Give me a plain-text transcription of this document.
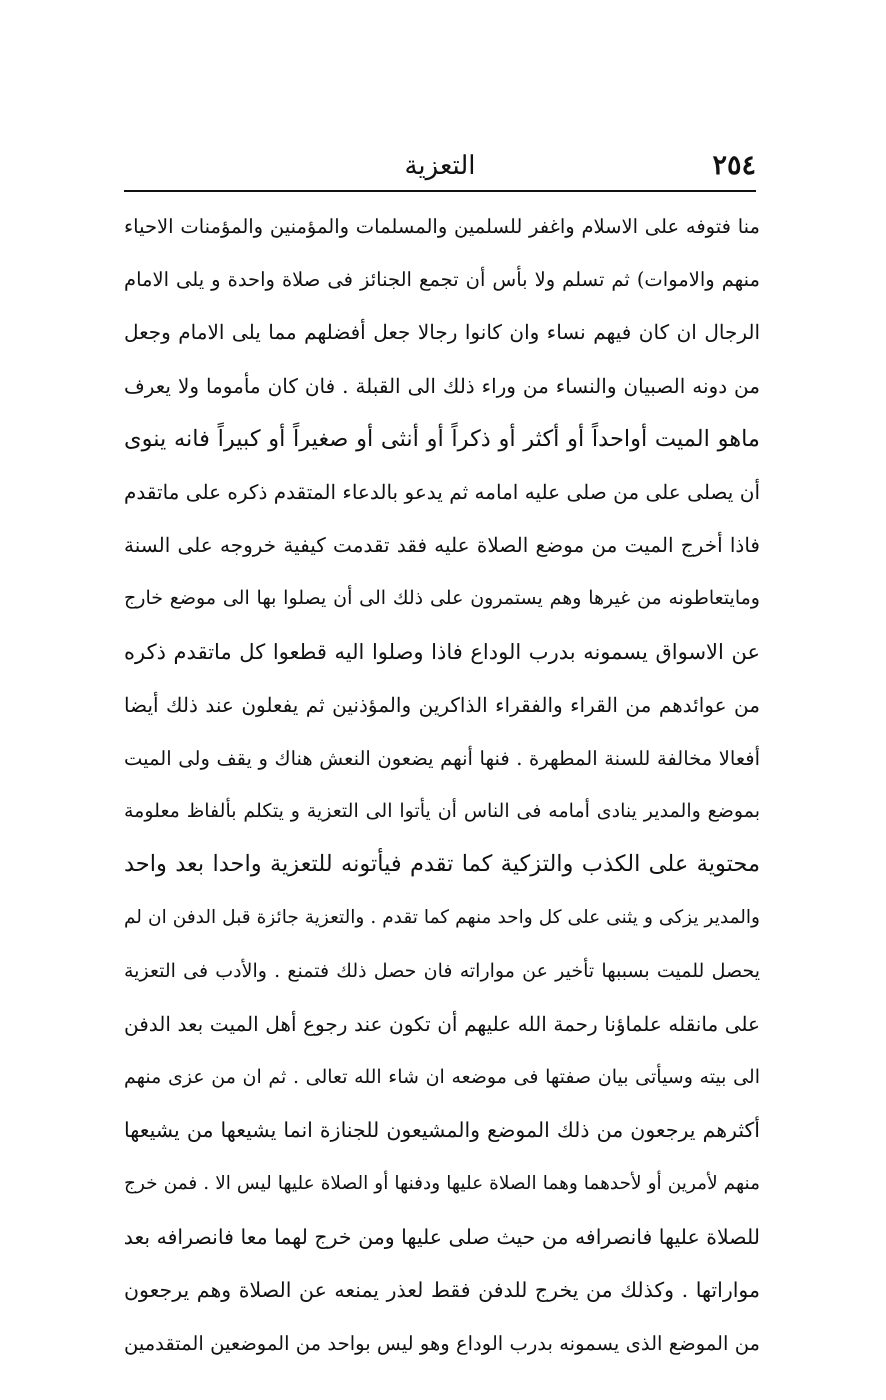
٢٥٤
التعزية
منا فتوفه على الاسلام واغفر للسلمين والمسلمات والمؤمنين والمؤمنات الاحياء
منهم والاموات) ثم تسلم ولا بأس أن تجمع الجنائز فى صلاة واحدة و يلى الامام
الرجال ان كان فيهم نساء وان كانوا رجالا جعل أفضلهم مما يلى الامام وجعل
من دونه الصبيان والنساء من وراء ذلك الى القبلة . فان كان مأموما ولا يعرف
ماهو الميت أواحداً أو أكثر أو ذكراً أو أنثى أو صغيراً أو كبيراً فانه ينوى
أن يصلى على من صلى عليه امامه ثم يدعو بالدعاء المتقدم ذكره على ماتقدم
فاذا أخرج الميت من موضع الصلاة عليه فقد تقدمت كيفية خروجه على السنة
ومايتعاطونه من غيرها وهم يستمرون على ذلك الى أن يصلوا بها الى موضع خارج
عن الاسواق يسمونه بدرب الوداع فاذا وصلوا اليه قطعوا كل ماتقدم ذكره
من عوائدهم من القراء والفقراء الذاكرين والمؤذنين ثم يفعلون عند ذلك أيضا
أفعالا مخالفة للسنة المطهرة . فنها أنهم يضعون النعش هناك و يقف ولى الميت
بموضع والمدير ينادى أمامه فى الناس أن يأتوا الى التعزية و يتكلم بألفاظ معلومة
محتوية على الكذب والتزكية كما تقدم فيأتونه للتعزية واحدا بعد واحد
والمدير يزكى و يثنى على كل واحد منهم كما تقدم . والتعزية جائزة قبل الدفن ان لم
يحصل للميت بسببها تأخير عن مواراته فان حصل ذلك فتمنع . والأدب فى التعزية
على مانقله علماؤنا رحمة الله عليهم أن تكون عند رجوع أهل الميت بعد الدفن
الى بيته وسيأتى بيان صفتها فى موضعه ان شاء الله تعالى . ثم ان من عزى منهم
أكثرهم يرجعون من ذلك الموضع والمشيعون للجنازة انما يشيعها من يشيعها
منهم لأمرين أو لأحدهما وهما الصلاة عليها ودفنها أو الصلاة عليها ليس الا . فمن خرج
للصلاة عليها فانصرافه من حيث صلى عليها ومن خرج لهما معا فانصرافه بعد
مواراتها . وكذلك من يخرج للدفن فقط لعذر يمنعه عن الصلاة وهم يرجعون
من الموضع الذى يسمونه بدرب الوداع وهو ليس بواحد من الموضعين المتقدمين
